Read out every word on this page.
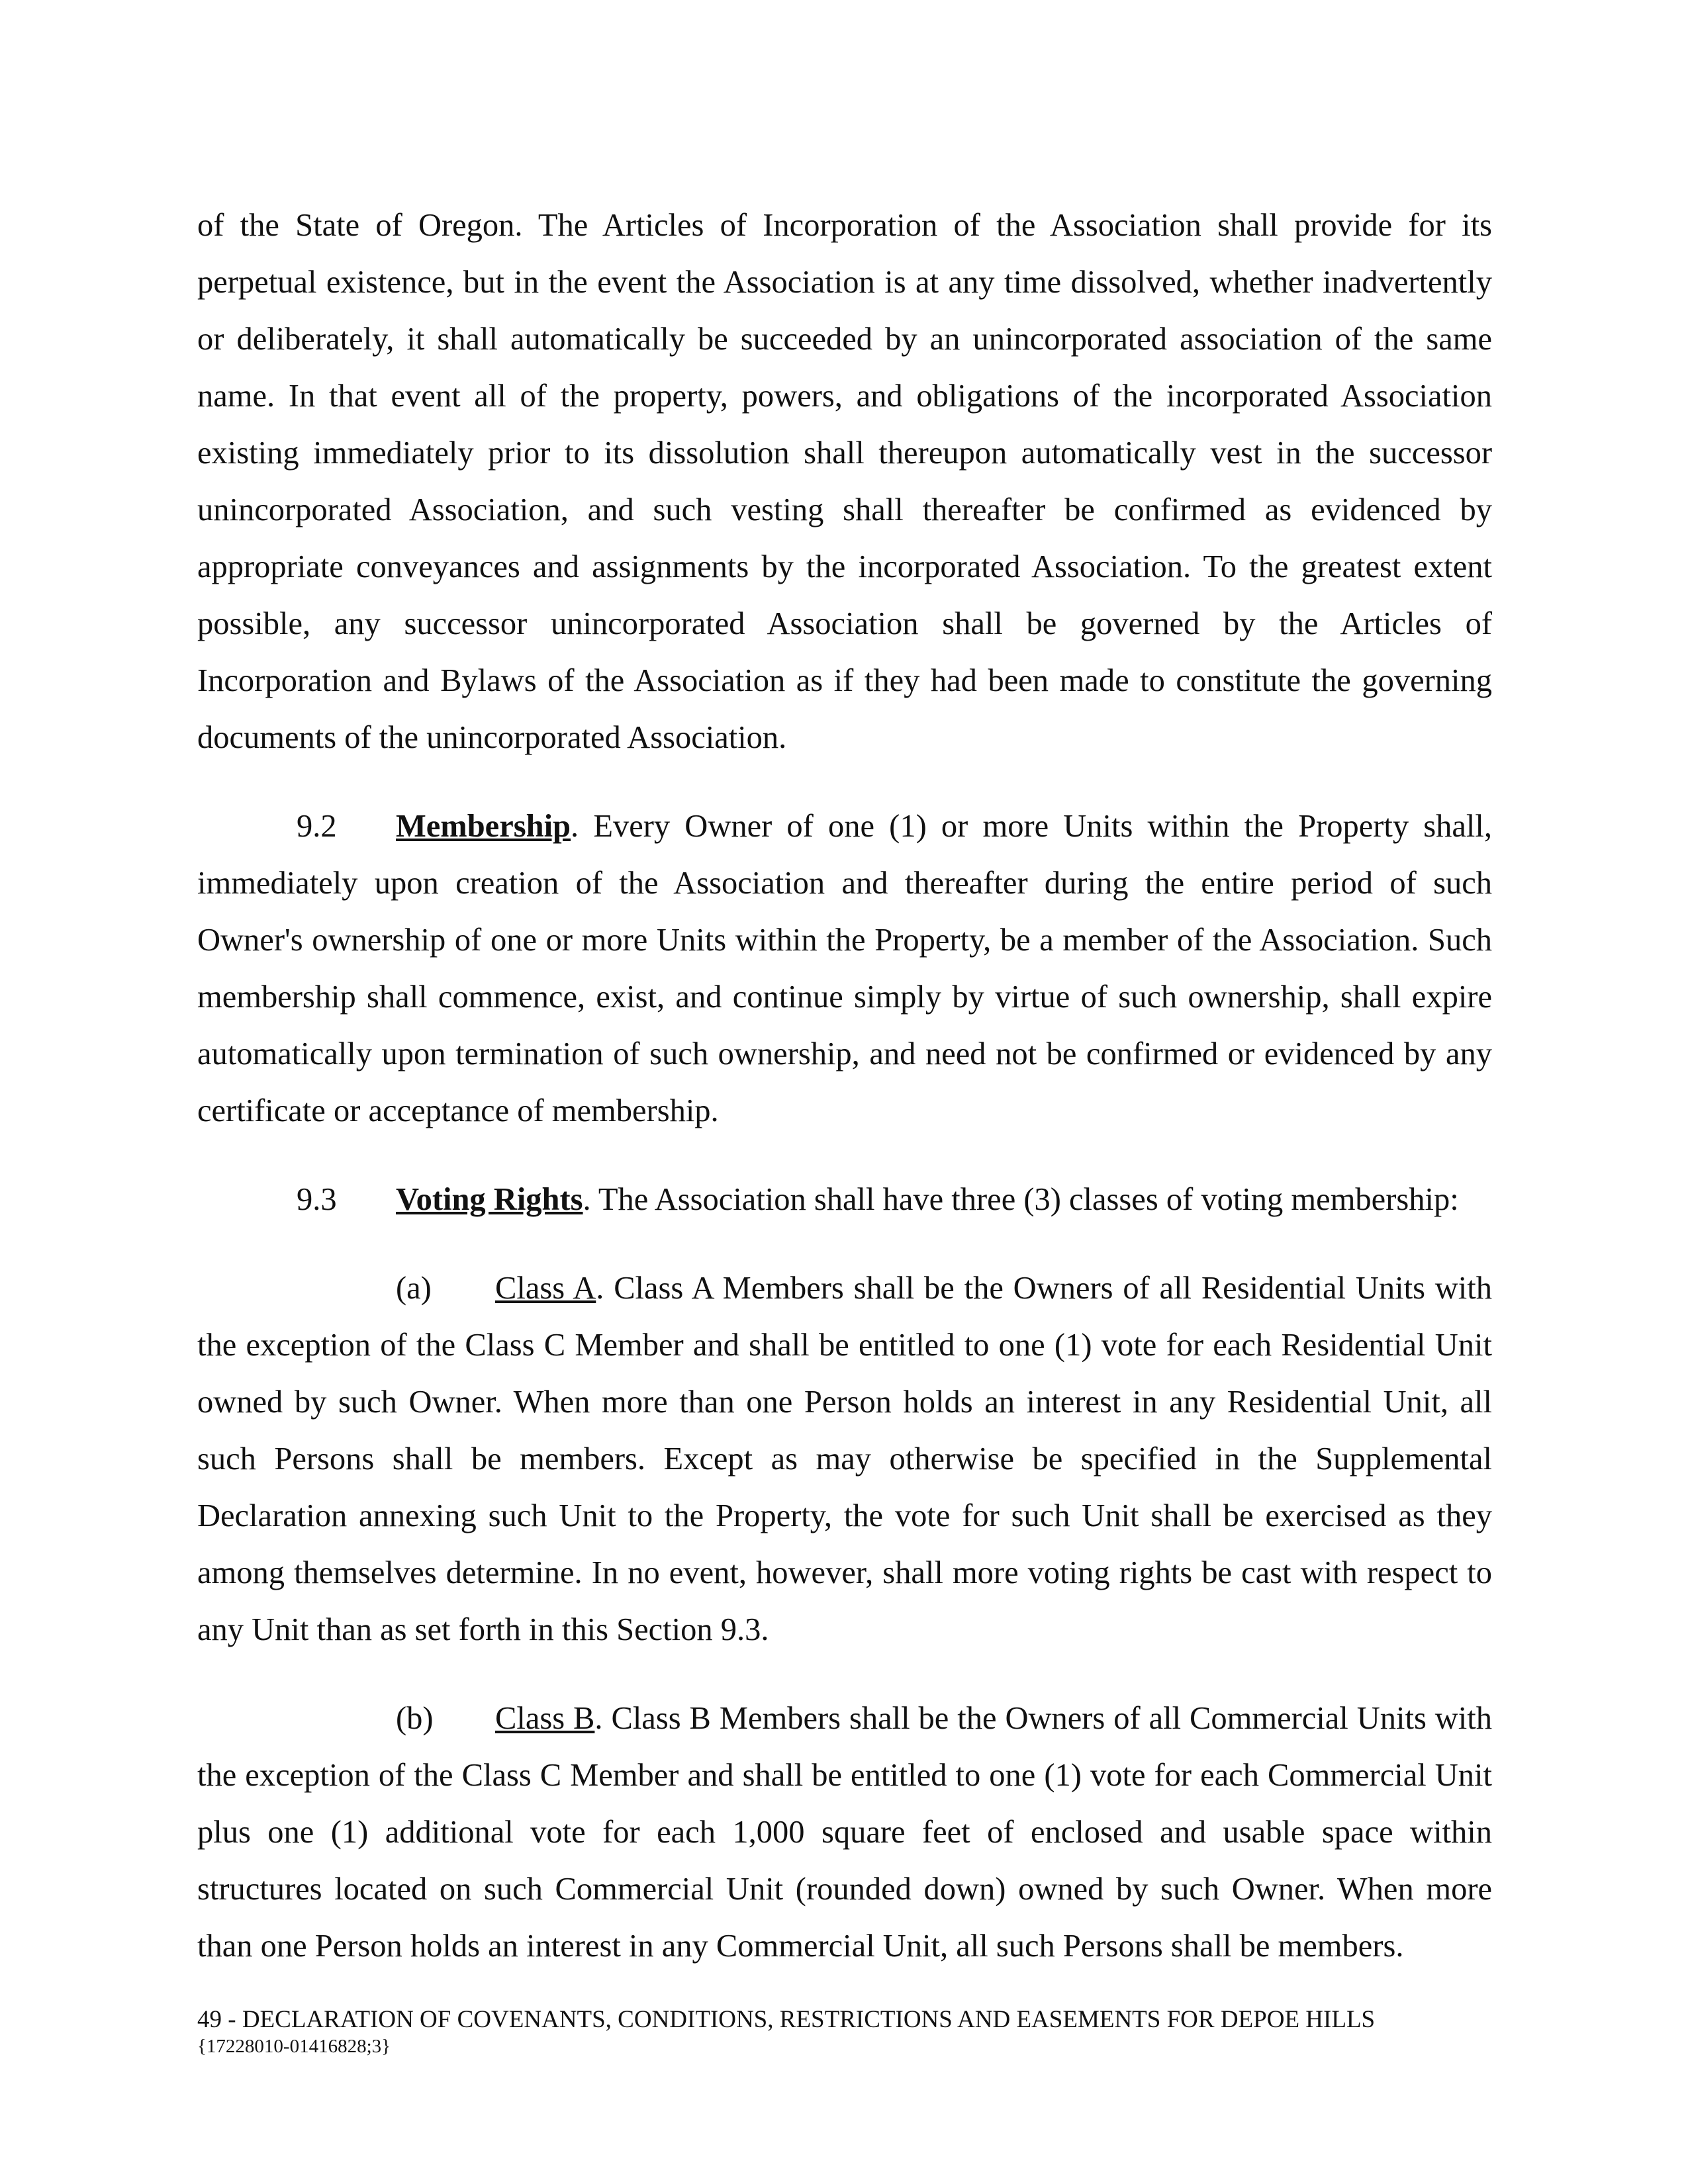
of the State of Oregon. The Articles of Incorporation of the Association shall provide for its perpetual existence, but in the event the Association is at any time dissolved, whether inadvertently or deliberately, it shall automatically be succeeded by an unincorporated association of the same name. In that event all of the property, powers, and obligations of the incorporated Association existing immediately prior to its dissolution shall thereupon automatically vest in the successor unincorporated Association, and such vesting shall thereafter be confirmed as evidenced by appropriate conveyances and assignments by the incorporated Association. To the greatest extent possible, any successor unincorporated Association shall be governed by the Articles of Incorporation and Bylaws of the Association as if they had been made to constitute the governing documents of the unincorporated Association.

9.2 Membership. Every Owner of one (1) or more Units within the Property shall, immediately upon creation of the Association and thereafter during the entire period of such Owner's ownership of one or more Units within the Property, be a member of the Association. Such membership shall commence, exist, and continue simply by virtue of such ownership, shall expire automatically upon termination of such ownership, and need not be confirmed or evidenced by any certificate or acceptance of membership.

9.3 Voting Rights. The Association shall have three (3) classes of voting membership:

(a) Class A. Class A Members shall be the Owners of all Residential Units with the exception of the Class C Member and shall be entitled to one (1) vote for each Residential Unit owned by such Owner. When more than one Person holds an interest in any Residential Unit, all such Persons shall be members. Except as may otherwise be specified in the Supplemental Declaration annexing such Unit to the Property, the vote for such Unit shall be exercised as they among themselves determine. In no event, however, shall more voting rights be cast with respect to any Unit than as set forth in this Section 9.3.

(b) Class B. Class B Members shall be the Owners of all Commercial Units with the exception of the Class C Member and shall be entitled to one (1) vote for each Commercial Unit plus one (1) additional vote for each 1,000 square feet of enclosed and usable space within structures located on such Commercial Unit (rounded down) owned by such Owner. When more than one Person holds an interest in any Commercial Unit, all such Persons shall be members.

49 - DECLARATION OF COVENANTS, CONDITIONS, RESTRICTIONS AND EASEMENTS FOR DEPOE HILLS
{17228010-01416828;3}
